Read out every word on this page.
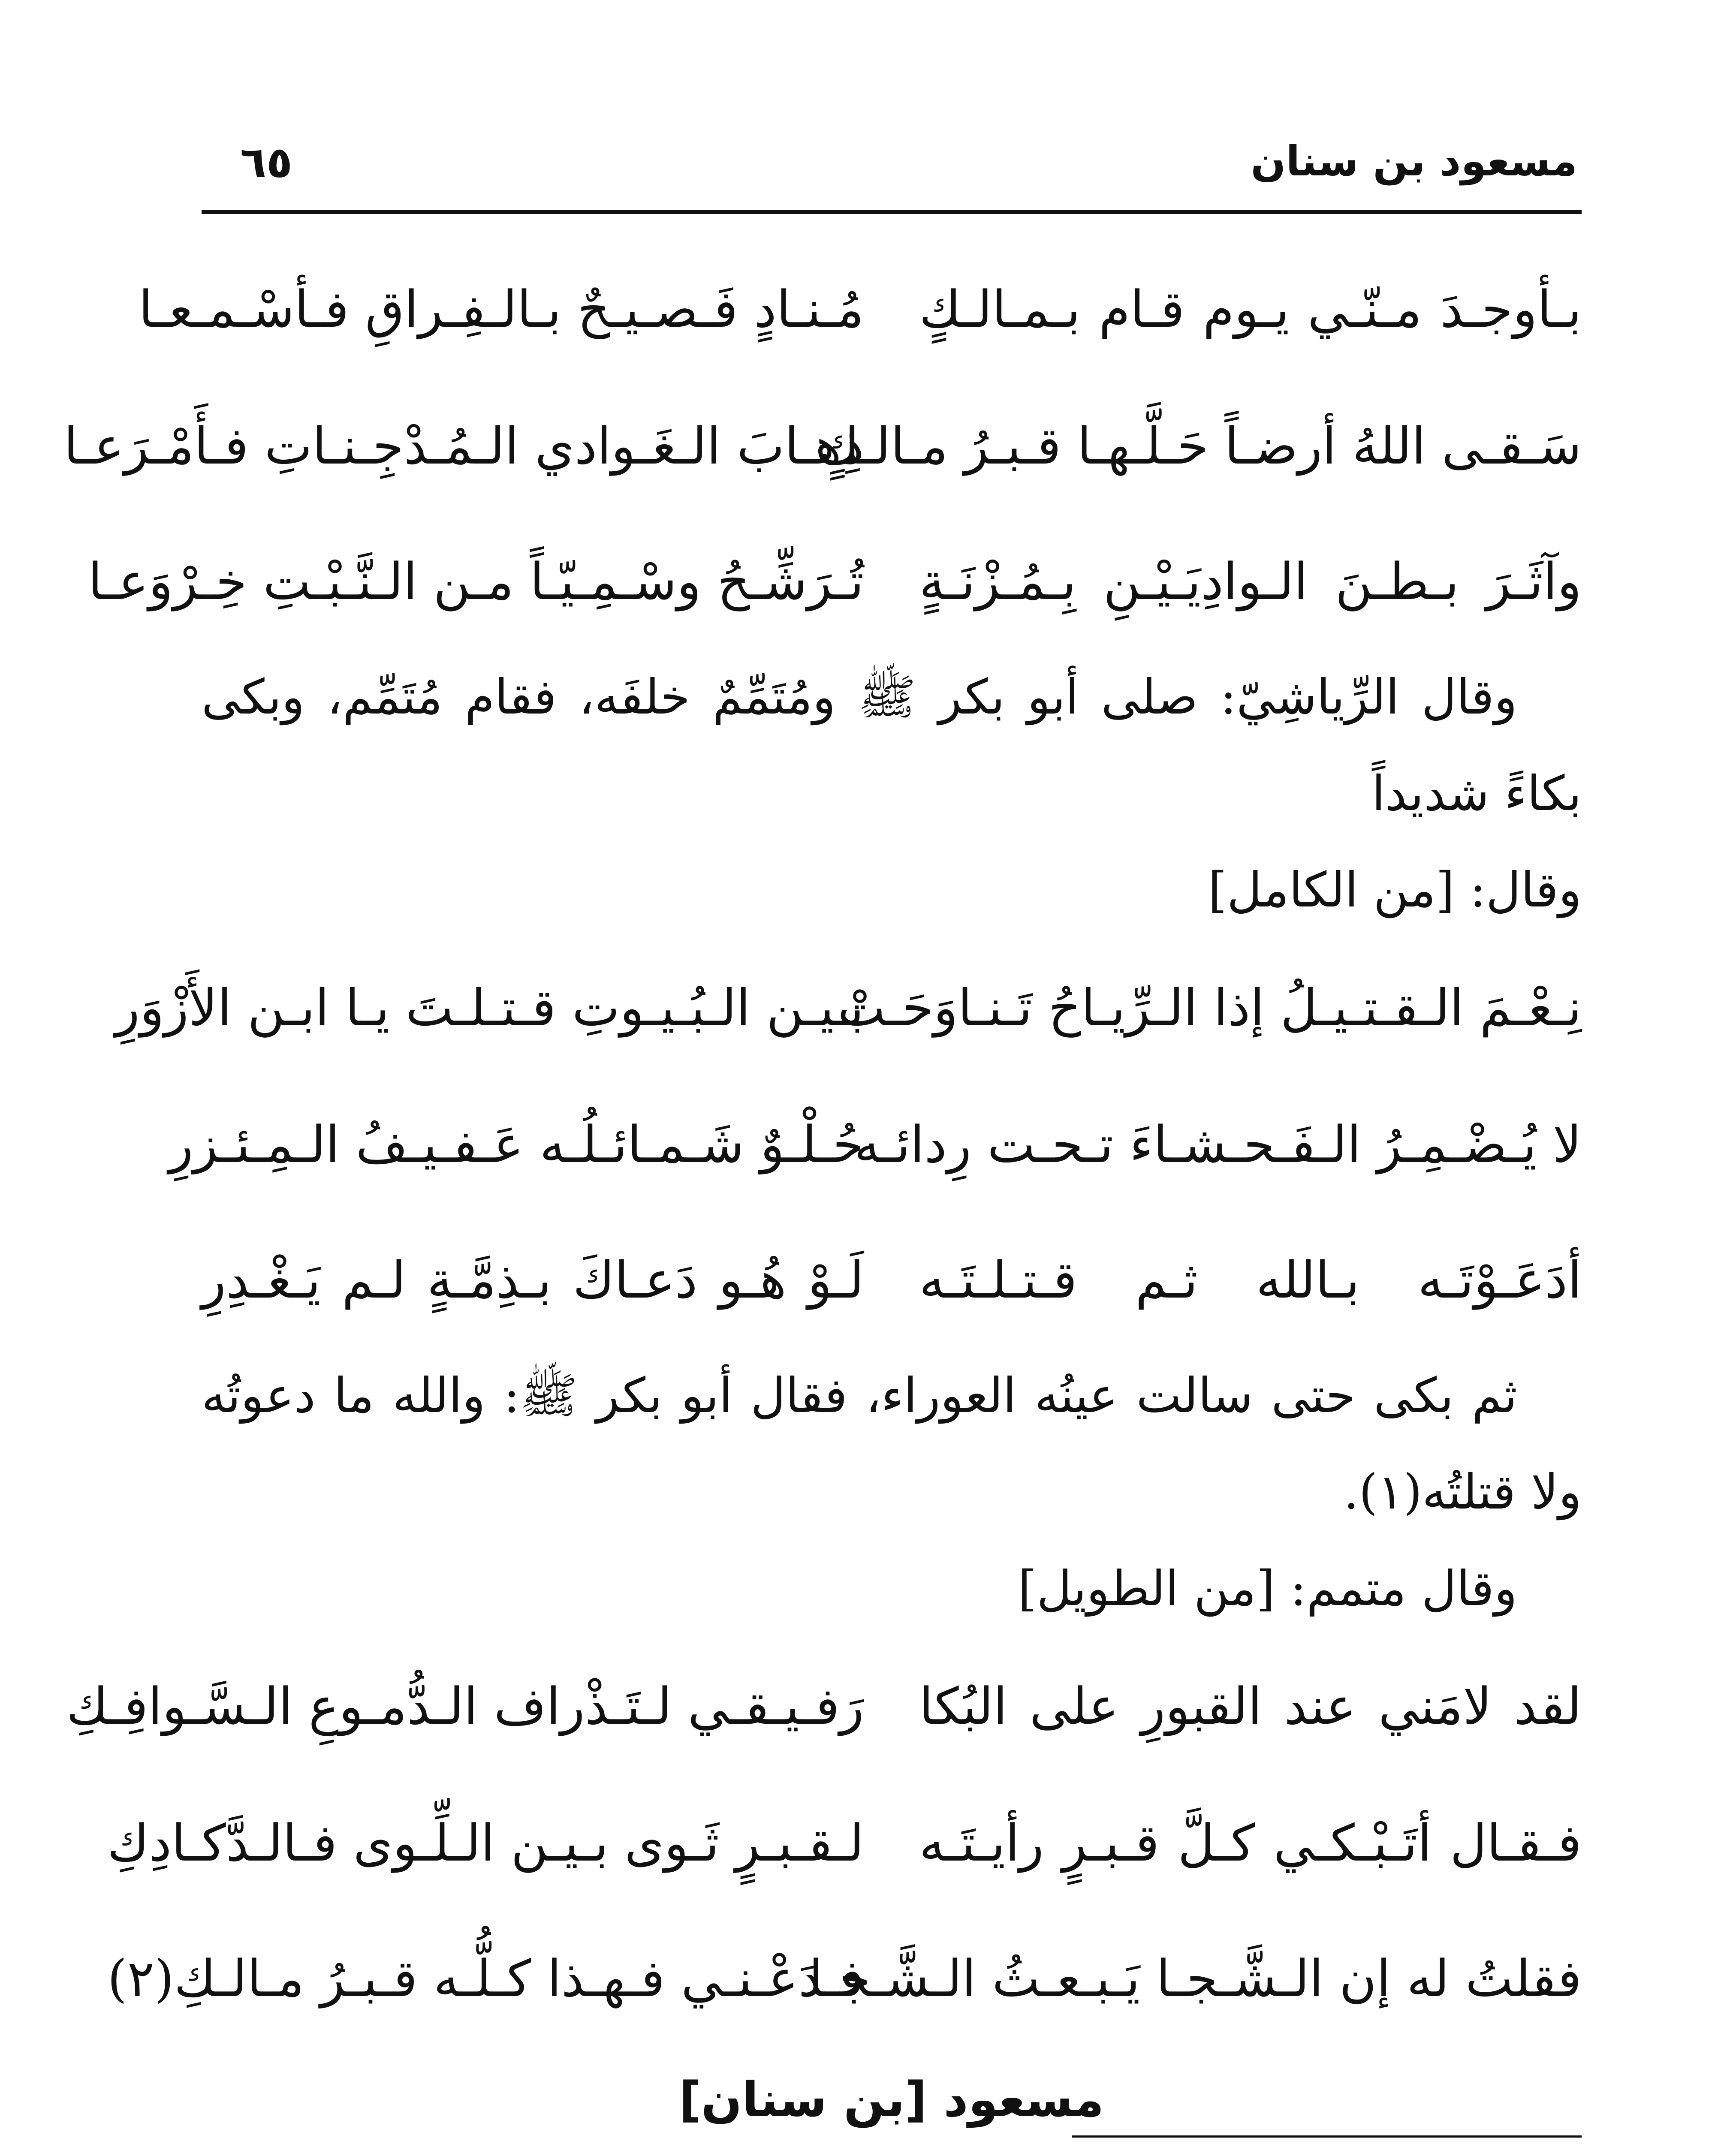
مسعود بن سنان
٦٥
بـأوجـدَ مـنّـي يـوم قـام بـمـالـكٍ
مُـنـادٍ فَـصـيـحٌ بـالـفِـراقِ فـأسْـمـعـا
سَـقـى اللهُ أرضـاً حَـلَّـهـا قـبـرُ مـالـكٍ
ذِهـابَ الـغَـوادي الـمُـدْجِـنـاتِ فـأَمْـرَعـا
وآثَـرَ بـطـنَ الـوادِيَـيْـنِ بِـمُـزْنَـةٍ
تُـرَشِّـحُ وسْـمِـيّـاً مـن الـنَّـبْـتِ خِـرْوَعـا
وقال الرِّياشِيّ: صلى أبو بكر ﷺ ومُتَمِّمٌ خلفَه، فقام مُتَمِّم، وبكى بكاءً شديداً
وقال: [من الكامل]
نِـعْـمَ الـقـتـيـلُ إذا الـرِّيـاحُ تَـنـاوَحَـتْ
بـيـن الـبُـيـوتِ قـتـلـتَ يـا ابـن الأَزْوَرِ
لا يُـضْـمِـرُ الـفَـحـشـاءَ تـحـت رِدائـه
حُـلْـوٌ شَـمـائـلُـه عَـفـيـفُ الـمِـئـزرِ
أدَعَـوْتَـه بـالله ثـم قـتـلـتَـه
لَـوْ هُـو دَعـاكَ بـذِمَّـةٍ لـم يَـغْـدِرِ
ثم بكى حتى سالت عينُه العوراء، فقال أبو بكر ﷺ: والله ما دعوتُه ولا قتلتُه(١).
وقال متمم: [من الطويل]
لقد لامَني عند القبورِ على البُكا
رَفـيـقـي لـتَـذْراف الـدُّمـوعِ الـسَّـوافِـكِ
فـقـال أتَـبْـكـي كـلَّ قـبـرٍ رأيـتَـه
لـقـبـرٍ ثَـوى بـيـن الـلِّـوى فـالـدَّكـادِكِ
فقلتُ له إن الـشَّـجـا يَـبـعـثُ الـشَّـجـا
فـدَعْـنـي فـهـذا كـلُّـه قـبـرُ مـالـكِ(٢)
مسعود [بن سنان]
